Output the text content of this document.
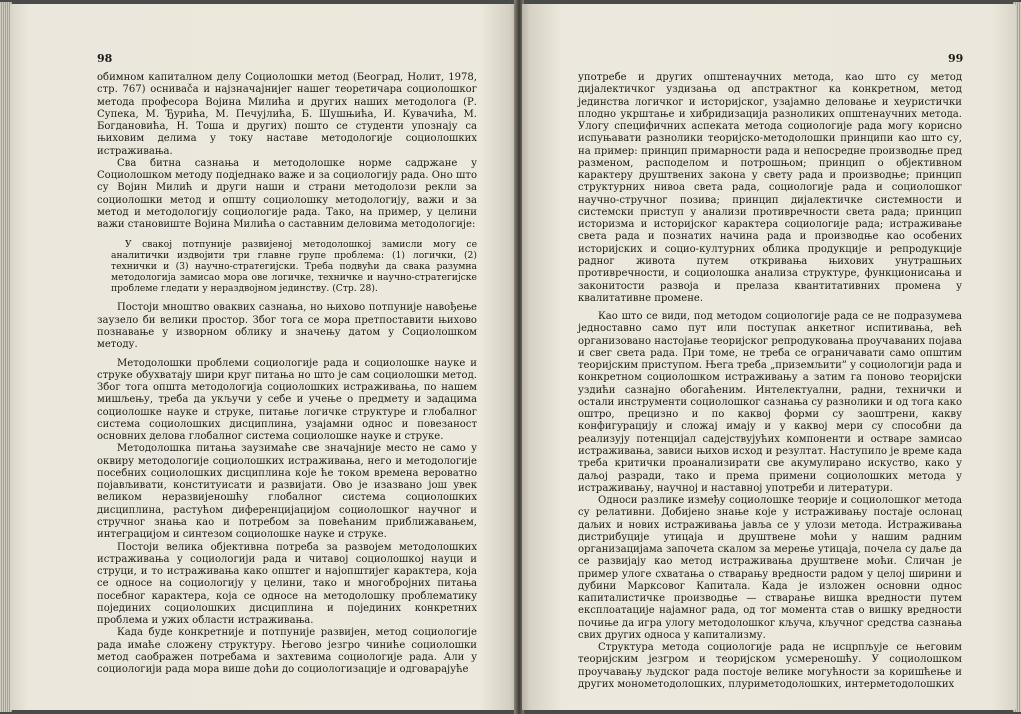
98

обимном капиталном делу Социолошки метод (Београд, Нолит, 1978, стр. 767) осниваča и најзначајнијег нашег теоретичара социолошког метода професора Војина Милића и других наших методолога (Р. Супека, М. Ђурића, М. Печујлића, Б. Шушњића, И. Кувачића, М. Богдановића, Н. Тоша и других) пошто се студенти упознају са њиховим делима у току наставе методологије социолошких истраживања.

Сва битна сазнања и методолошке норме садржане у Социолошком методу подједнако важе и за социологију рада. Оно што су Војин Милић и други наши и страни методолози рекли за социолошки метод и општу социолошку методологију, важи и за метод и методологију социологије рада. Тако, на пример, у целини важи становиште Војина Милића о саставним деловима методологије:

У свакој потпуније развијеној методолошкој замисли могу се аналитички издвојити три главне групе проблема: (1) логички, (2) технички и (3) научно-стратегијски. Треба подвући да свака разумна методологија замисао мора ове логичке, техничке и научно-стратегијске проблеме гледати у нераздвојном јединству. (Стр. 28).

Постоји мноштво оваквих сазнања, но њихово потпуније навођење заузело би велики простор. Због тога се мора претпоставити њихово познавање у изворном облику и значењу датом у Социолошком методу.

Методолошки проблеми социологије рада и социолошке науке и струке обухватају шири круг питања но што је сам социолошки метод. Због тога општа методологија социолошких истраживања, по нашем мишљењу, треба да укључи у себе и учење о предмету и задацима социолошке науке и струке, питање логичке структуре и глобалног система социолошких дисциплина, узајамни однос и повезаност основних делова глобалног система социолошке науке и струке.

Методолошка питања заузимаће све значајније место не само у оквиру методологије социолошких истраживања, него и методологије посебних социолошких дисциплина које ће током времена вероватно појављивати, конституисати и развијати. Ово је изазвано још увек великом неразвијеношћу глобалног система социолошких дисциплина, растућом диференцијацијом социолошког научног и стручног знања као и потребом за повећаним приближавањем, интеграцијом и синтезом социолошке науке и струке.

Постоји велика објективна потреба за развојем методолошких истраживања у социологији рада и читавој социолошкој науци и струци, и то истраживања како општег и најопштијег карактера, која се односе на социологију у целини, тако и многобројних питања посебног карактера, која се односе на методолошку проблематику појединих социолошких дисциплина и појединих конкретних проблема и ужих области истраживања.

Када буде конкретније и потпуније развијен, метод социологије рада имаће сложену структуру. Његово језгро чиниће социолошки метод саображен потребама и захтевима социологије рада. Али у социологији рада мора више доћи до социологизације и одговарајуће

99

употребе и других општенаучних метода, као што су метод дијалектичког уздизања од апстрактног ка конкретном, метод јединства логичког и историјског, узајамно деловање и хеуристички плодно укрштање и хибридизација разноликих општенаучних метода. Улогу специфичних аспеката метода социологије рада могу корисно испуњавати разнолики теоријско-методолошки принципи као што су, на пример: принцип примарности рада и непосредне производње пред разменом, расподелом и потрошњом; принцип о објективном карактеру друштвених закона у свету рада и производње; принцип структурних нивоа света рада, социологије рада и социолошког научно-стручног позива; принцип дијалектичке системности и системски приступ у анализи противречности света рада; принцип историзма и историјског карактера социологије рада; истраживање света рада и познатих начина рада и производње као особених историјских и социо-културних облика продукције и репродукције радног живота путем откривања њихових унутрашњих противречности, и социолошка анализа структуре, функционисања и законитости развоја и прелаза квантитативних промена у квалитативне промене.

Као што се види, под методом социологије рада се не подразумева једноставно само пут или поступак анкетног испитивања, већ организовано настојање теоријског репродуковања проучаваних појава и свег света рада. При томе, не треба се ограничавати само општим теоријским приступом. Њега треба „приземљити” у социологији рада и конкретном социолошком истраживању а затим га поново теоријски уздићи сазнајно обогаћеним. Интелектуални, радни, технички и остали инструменти социолошког сазнања су разнолики и од тога како оштро, прецизно и по каквој форми су заоштрени, какву конфигурацију и сложај имају и у каквој мери су способни да реализују потенцијал садејствујућих компоненти и остваре замисао истраживања, зависи њихов исход и резултат. Наступило је време када треба критички проанализирати све акумулирано искуство, како у даљој разради, тако и према примени социолошких метода у истраживању, научној и наставној употреби и литератури.

Односи разлике између социолошке теорије и социолошког метода су релативни. Добијено знање које у истраживању постаје ослонац даљих и нових истраживања јавља се у улози метода. Истраживања дистрибуције утицаја и друштвене моћи у нашим радним организацијама започета скалом за мерење утицаја, почела су даље да се развијају као метод истраживања друштвене моћи. Сличан је пример улоге схватања о стварању вредности радом у целој ширини и дубини Марксовог Капитала. Када је изложен основни однос капиталистичке производње — стварање вишка вредности путем експлоатације најамног рада, од тог момента став о вишку вредности почиње да игра улогу методолошког кључа, кључног средства сазнања свих других односа у капитализму.

Структура метода социологије рада не исцрпљује се његовим теоријским језгром и теоријском усмереношћу. У социолошком проучавању људског рада постоје велике могућности за коришћење и других монометодолошких, плуриметодолошких, интерметодолошких
